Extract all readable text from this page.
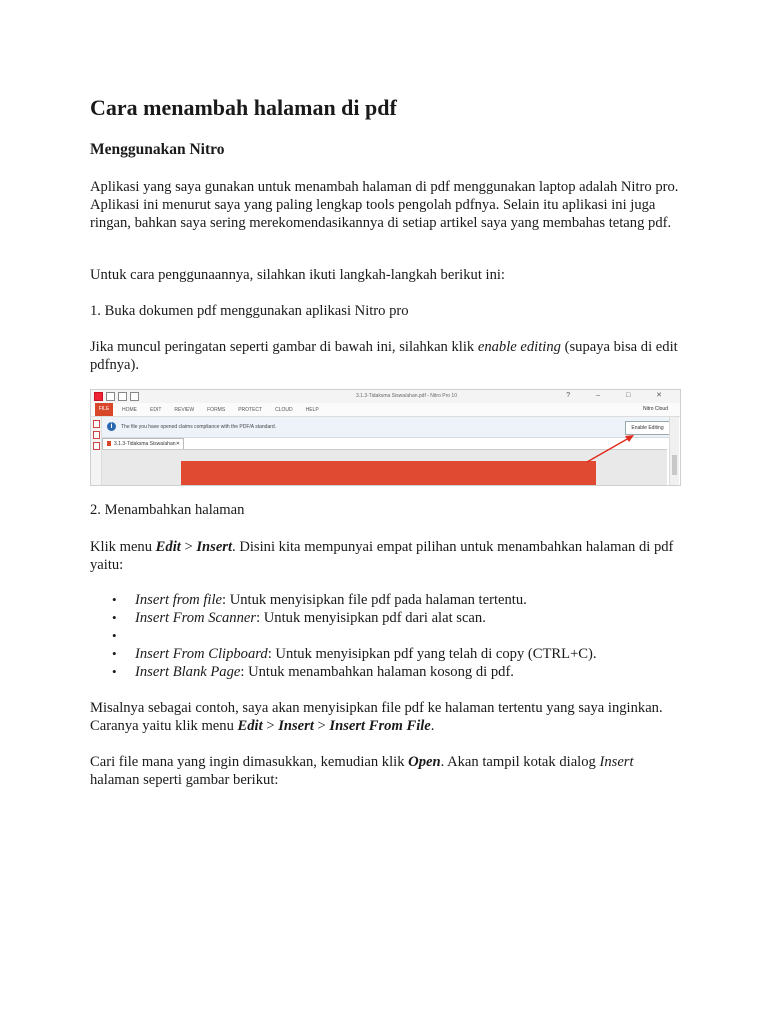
Cara menambah halaman di pdf
Menggunakan Nitro

Aplikasi yang saya gunakan untuk menambah halaman di pdf menggunakan laptop adalah Nitro pro. Aplikasi ini menurut saya yang paling lengkap tools pengolah pdfnya. Selain itu aplikasi ini juga ringan, bahkan saya sering merekomendasikannya di setiap artikel saya yang membahas tetang pdf.

Untuk cara penggunaannya, silahkan ikuti langkah-langkah berikut ini:

1. Buka dokumen pdf menggunakan aplikasi Nitro pro

Jika muncul peringatan seperti gambar di bawah ini, silahkan klik enable editing (supaya bisa di edit pdfnya).

3.1.3-Tidaksma Siswa/ahan.pdf - Nitro Pro 10	? – □ ✕
FILE	HOME	EDIT	REVIEW	FORMS	PROTECT	CLOUD	HELP	Nitro Cloud
i	The file you have opened claims compliance with the PDF/A standard.	Enable Editing
3.1.3-Tidaksma Siswa/ahan ✕

2. Menambahkan halaman

Klik menu Edit > Insert. Disini kita mempunyai empat pilihan untuk menambahkan halaman di pdf yaitu:

• Insert from file: Untuk menyisipkan file pdf pada halaman tertentu.
• Insert From Scanner: Untuk menyisipkan pdf dari alat scan.
•
• Insert From Clipboard: Untuk menyisipkan pdf yang telah di copy (CTRL+C).
• Insert Blank Page: Untuk menambahkan halaman kosong di pdf.

Misalnya sebagai contoh, saya akan menyisipkan file pdf ke halaman tertentu yang saya inginkan. Caranya yaitu klik menu Edit > Insert > Insert From File.

Cari file mana yang ingin dimasukkan, kemudian klik Open. Akan tampil kotak dialog Insert halaman seperti gambar berikut:
